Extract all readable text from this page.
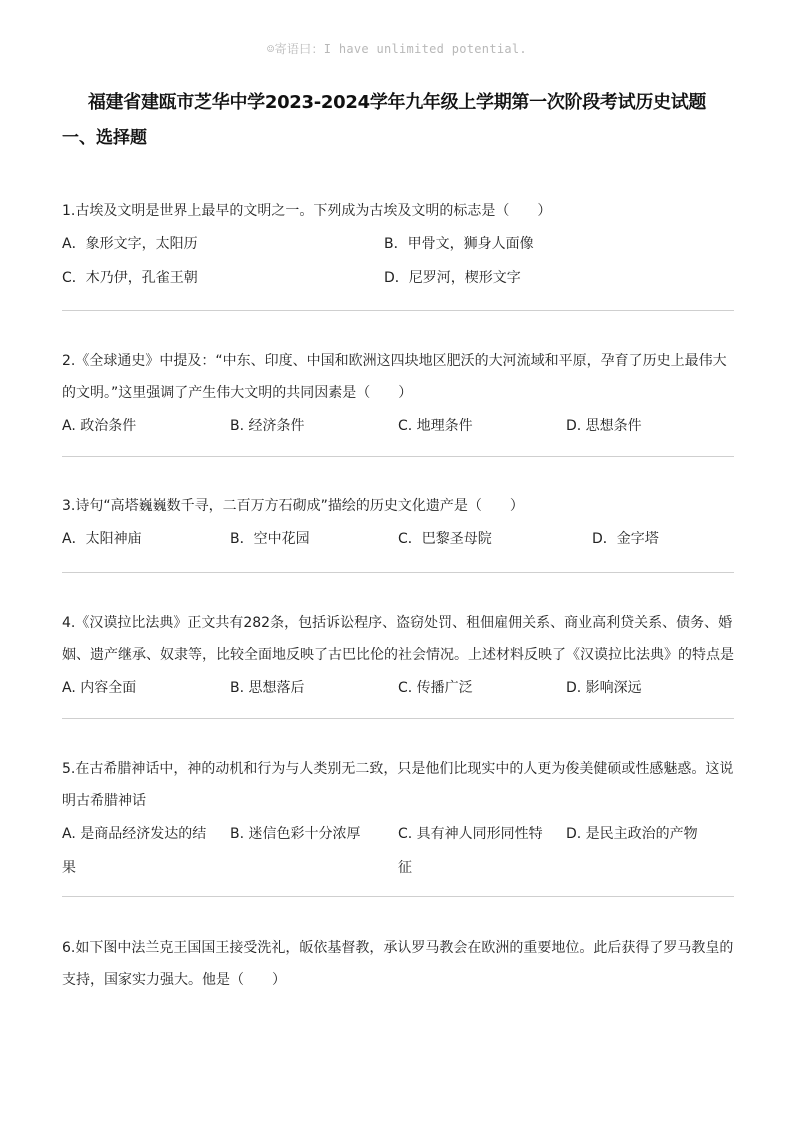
☺寄语曰：I have unlimited potential.
福建省建瓯市芝华中学2023-2024学年九年级上学期第一次阶段考试历史试题
一、选择题
1.古埃及文明是世界上最早的文明之一。下列成为古埃及文明的标志是（　　）
A．象形文字，太阳历	B．甲骨文，狮身人面像
C．木乃伊，孔雀王朝	D．尼罗河，楔形文字
2.《全球通史》中提及：“中东、印度、中国和欧洲这四块地区肥沃的大河流域和平原，孕育了历史上最伟大的文明。”这里强调了产生伟大文明的共同因素是（　　）
A. 政治条件	B. 经济条件	C. 地理条件	D. 思想条件
3.诗句“高塔巍巍数千寻，二百万方石砌成”描绘的历史文化遗产是（　　）
A．太阳神庙	B．空中花园	C．巴黎圣母院	D．金字塔
4.《汉谟拉比法典》正文共有282条，包括诉讼程序、盗窃处罚、租佃雇佣关系、商业高利贷关系、债务、婚姻、遗产继承、奴隶等，比较全面地反映了古巴比伦的社会情况。上述材料反映了《汉谟拉比法典》的特点是
A. 内容全面	B. 思想落后	C. 传播广泛	D. 影响深远
5.在古希腊神话中，神的动机和行为与人类别无二致，只是他们比现实中的人更为俊美健硕或性感魅惑。这说明古希腊神话
A. 是商品经济发达的结果
B. 迷信色彩十分浓厚	C. 具有神人同形同性特征
D. 是民主政治的产物
6.如下图中法兰克王国国王接受洗礼，皈依基督教，承认罗马教会在欧洲的重要地位。此后获得了罗马教皇的支持，国家实力强大。他是（　　）
